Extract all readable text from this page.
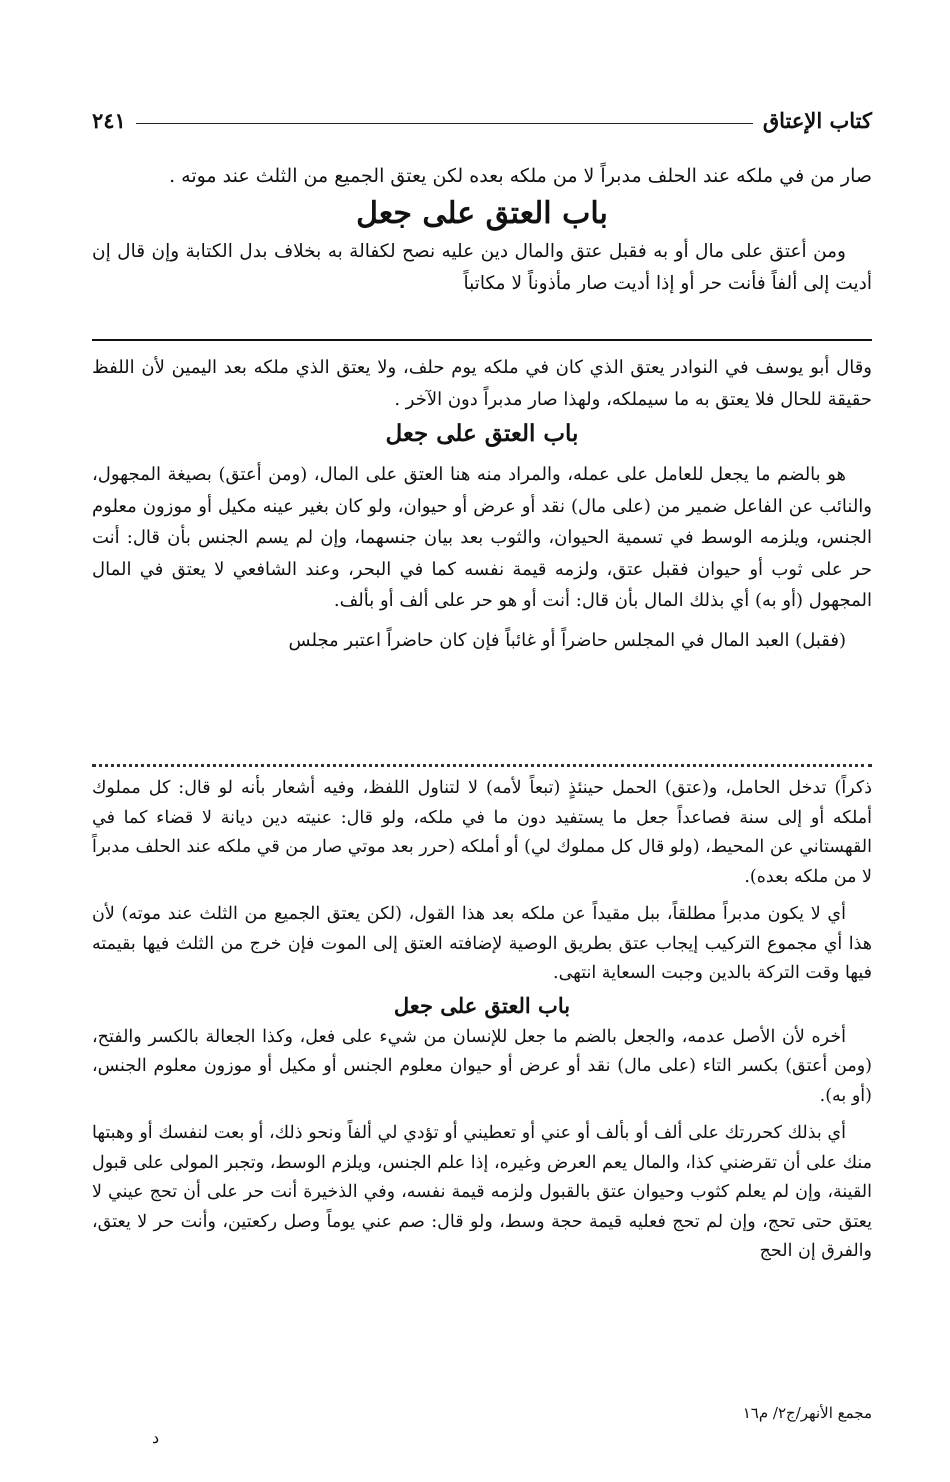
كتاب الإعتاق
٢٤١

صار من في ملكه عند الحلف مدبراً لا من ملكه بعده لكن يعتق الجميع من الثلث عند موته .

باب العتق على جعل

ومن أعتق على مال أو به فقبل عتق والمال دين عليه نصح لكفالة به بخلاف بدل الكتابة وإن قال إن أديت إلى ألفاً فأنت حر أو إذا أديت صار مأذوناً لا مكاتباً

وقال أبو يوسف في النوادر يعتق الذي كان في ملكه يوم حلف، ولا يعتق الذي ملكه بعد اليمين لأن اللفظ حقيقة للحال فلا يعتق به ما سيملكه، ولهذا صار مدبراً دون الآخر .

باب العتق على جعل

هو بالضم ما يجعل للعامل على عمله، والمراد منه هنا العتق على المال، (ومن أعتق) بصيغة المجهول، والنائب عن الفاعل ضمير من (على مال) نقد أو عرض أو حيوان، ولو كان بغير عينه مكيل أو موزون معلوم الجنس، ويلزمه الوسط في تسمية الحيوان، والثوب بعد بيان جنسهما، وإن لم يسم الجنس بأن قال: أنت حر على ثوب أو حيوان فقبل عتق، ولزمه قيمة نفسه كما في البحر، وعند الشافعي لا يعتق في المال المجهول (أو به) أي بذلك المال بأن قال: أنت أو هو حر على ألف أو بألف.

(فقبل) العبد المال في المجلس حاضراً أو غائباً فإن كان حاضراً اعتبر مجلس

ذكراً) تدخل الحامل، و(عتق) الحمل حينئذٍ (تبعاً لأمه) لا لتناول اللفظ، وفيه أشعار بأنه لو قال: كل مملوك أملكه أو إلى سنة فصاعداً جعل ما يستفيد دون ما في ملكه، ولو قال: عنيته دين ديانة لا قضاء كما في القهستاني عن المحيط، (ولو قال كل مملوك لي) أو أملكه (حرر بعد موتي صار من قي ملكه عند الحلف مدبراً لا من ملكه بعده).

أي لا يكون مدبراً مطلقاً، ببل مقيداً عن ملكه بعد هذا القول، (لكن يعتق الجميع من الثلث عند موته) لأن هذا أي مجموع التركيب إيجاب عتق بطريق الوصية لإضافته العتق إلى الموت فإن خرج من الثلث فيها بقيمته فيها وقت التركة بالدين وجبت السعاية انتهى.

باب العتق على جعل

أخره لأن الأصل عدمه، والجعل بالضم ما جعل للإنسان من شيء على فعل، وكذا الجعالة بالكسر والفتح، (ومن أعتق) بكسر التاء (على مال) نقد أو عرض أو حيوان معلوم الجنس أو مكيل أو موزون معلوم الجنس، (أو به).

أي بذلك كحررتك على ألف أو بألف أو عني أو تعطيني أو تؤدي لي ألفاً ونحو ذلك، أو بعت لنفسك أو وهبتها منك على أن تقرضني كذا، والمال يعم العرض وغيره، إذا علم الجنس، ويلزم الوسط، وتجبر المولى على قبول القينة، وإن لم يعلم كثوب وحيوان عتق بالقبول ولزمه قيمة نفسه، وفي الذخيرة أنت حر على أن تحج عيني لا يعتق حتى تحج، وإن لم تحج فعليه قيمة حجة وسط، ولو قال: صم عني يوماً وصل ركعتين، وأنت حر لا يعتق، والفرق إن الحج

مجمع الأنهر/ج٢/ م١٦
د
